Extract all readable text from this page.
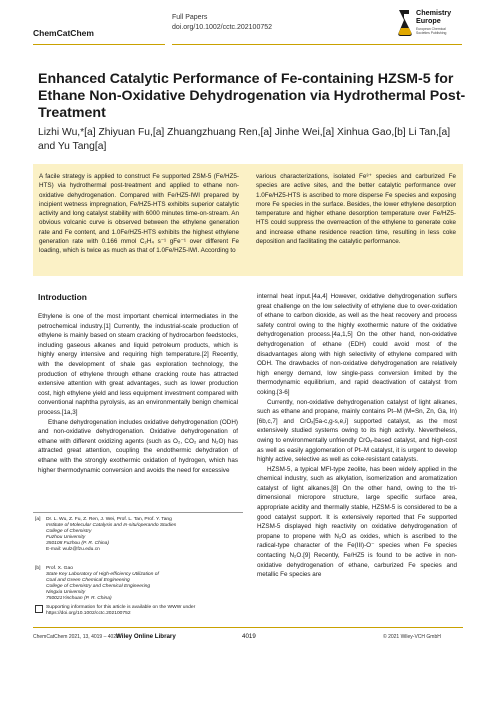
ChemCatChem
Full Papers
doi.org/10.1002/cctc.202100752
Chemistry
Europe
European Chemical
Societies Publishing
Enhanced Catalytic Performance of Fe-containing HZSM-5 for Ethane Non-Oxidative Dehydrogenation via Hydrothermal Post-Treatment
Lizhi Wu,*[a] Zhiyuan Fu,[a] Zhuangzhuang Ren,[a] Jinhe Wei,[a] Xinhua Gao,[b] Li Tan,[a] and Yu Tang[a]
A facile strategy is applied to construct Fe supported ZSM-5 (Fe/HZ5-HTS) via hydrothermal post-treatment and applied to ethane non-oxidative dehydrogenation. Compared with Fe/HZ5-IWI prepared by incipient wetness impregnation, Fe/HZ5-HTS exhibits superior catalytic activity and long catalyst stability with 6000 minutes time-on-stream. An obvious volcanic curve is observed between the ethylene generation rate and Fe content, and 1.0Fe/HZ5-HTS exhibits the highest ethylene generation rate with 0.166 mmol C₂H₄ s⁻¹ gFe⁻¹ over different Fe loading, which is twice as much as that of 1.0Fe/HZ5-IWI. According to
various characterizations, isolated Fe³⁺ species and carburized Fe species are active sites, and the better catalytic performance over 1.0Fe/HZ5-HTS is ascribed to more disperse Fe species and exposing more Fe species in the surface. Besides, the lower ethylene desorption temperature and higher ethane desorption temperature over Fe/HZ5-HTS could suppress the overreaction of the ethylene to generate coke and increase ethane residence reaction time, resulting in less coke deposition and facilitating the catalytic performance.
Introduction

Ethylene is one of the most important chemical intermediates in the petrochemical industry.[1] Currently, the industrial-scale production of ethylene is mainly based on steam cracking of hydrocarbon feedstocks, including gaseous alkanes and liquid petroleum products, which is highly energy intensive and requiring high temperature.[2] Recently, with the development of shale gas exploration technology, the production of ethylene through ethane cracking route has attracted extensive attention with great advantages, such as lower production cost, high ethylene yield and less equipment investment compared with conventional naphtha pyrolysis, as an environmentally benign chemical process.[1a,3]

Ethane dehydrogenation includes oxidative dehydrogenation (ODH) and non-oxidative dehydrogenation. Oxidative dehydrogenation of ethane with different oxidizing agents (such as O₂, CO₂ and N₂O) has attracted great attention, coupling the endothermic dehydration of ethane with the strongly exothermic oxidation of hydrogen, which has higher thermodynamic conversion and avoids the need for excessive

internal heat input.[4a,4] However, oxidative dehydrogenation suffers great challenge on the low selectivity of ethylene due to over-oxidation of ethane to carbon dioxide, as well as the heat recovery and process safety control owing to the highly exothermic nature of the oxidative dehydrogenation process.[4a,1,5] On the other hand, non-oxidative dehydrogenation of ethane (EDH) could avoid most of the disadvantages along with high selectivity of ethylene compared with ODH. The drawbacks of non-oxidative dehydrogenation are relatively high energy demand, low single-pass conversion limited by the thermodynamic equilibrium, and rapid deactivation of catalyst from coking.[3-6]

Currently, non-oxidative dehydrogenation catalyst of light alkanes, such as ethane and propane, mainly contains Pt–M (M=Sn, Zn, Ga, In)[6b,c,7] and CrOₓ[5a-c,g-s,e,i] supported catalyst, as the most extensively studied systems owing to its high activity. Nevertheless, owing to environmentally unfriendly CrOₓ-based catalyst, and high-cost as well as easily agglomeration of Pt–M catalyst, it is urgent to develop highly active, selective as well as coke-resistant catalysts.

HZSM-5, a typical MFI-type zeolite, has been widely applied in the chemical industry, such as alkylation, isomerization and aromatization catalyst of light alkanes.[8] On the other hand, owing to the tri-dimensional micropore structure, large specific surface area, appropriate acidity and thermally stable, HZSM-5 is considered to be a good catalyst support. It is extensively reported that Fe supported HZSM-5 displayed high reactivity on oxidative dehydrogenation of propane to propene with N₂O as oxides, which is ascribed to the radical-type character of the Fe(III)-O⁻ species when Fe species contacting N₂O.[9] Recently, Fe/HZ5 is found to be active in non-oxidative dehydrogenation of ethane, carburized Fe species and metallic Fe species are

[a] Dr. L. Wu, Z. Fu, Z. Ren, J. Wei, Prof. L. Tan, Prof. Y. Tang
Institute of Molecular Catalysis and In-situ/operando Studies
College of Chemistry
Fuzhou University
350108 Fuzhou (P. R. China)
E-mail: wulz@fzu.edu.cn
[b] Prof. X. Gao
State Key Laboratory of High-efficiency Utilization of
Coal and Green Chemical Engineering
College of Chemistry and Chemical Engineering
Ningxia University
750021Yinchuan (P. R. China)
Supporting information for this article is available on the WWW under
https://doi.org/10.1002/cctc.202100752
ChemCatChem 2021, 13, 4019 – 4028
Wiley Online Library	4019	© 2021 Wiley-VCH GmbH
